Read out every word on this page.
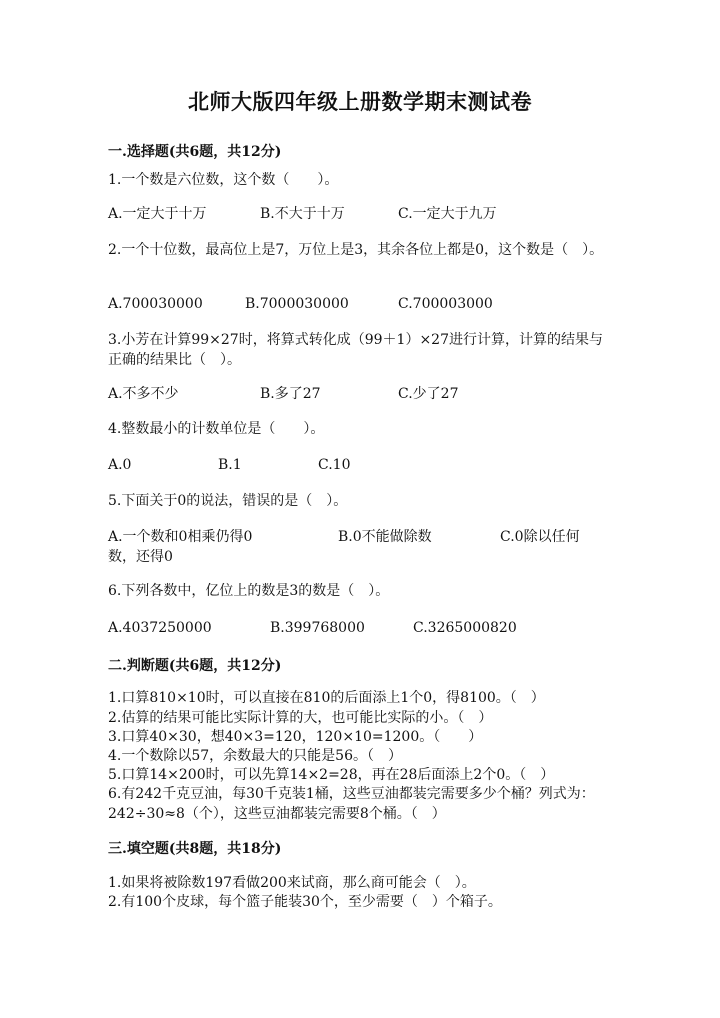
北师大版四年级上册数学期末测试卷
一.选择题(共6题，共12分)
1.一个数是六位数，这个数（　　）。
A.一定大于十万	B.不大于十万	C.一定大于九万
2.一个十位数，最高位上是7，万位上是3，其余各位上都是0，这个数是（　）。
A.700030000	B.7000030000	C.700003000
3.小芳在计算99×27时，将算式转化成（99＋1）×27进行计算，计算的结果与正确的结果比（　）。
A.不多不少	B.多了27	C.少了27
4.整数最小的计数单位是（　　）。
A.0	B.1	C.10
5.下面关于0的说法，错误的是（　）。
A.一个数和0相乘仍得0	B.0不能做除数	C.0除以任何
数，还得0
6.下列各数中，亿位上的数是3的数是（　）。
A.4037250000	B.399768000	C.3265000820
二.判断题(共6题，共12分)
1.口算810×10时，可以直接在810的后面添上1个0，得8100。（　）
2.估算的结果可能比实际计算的大，也可能比实际的小。（　）
3.口算40×30，想40×3=120，120×10=1200。（　　）
4.一个数除以57，余数最大的只能是56。（　）
5.口算14×200时，可以先算14×2=28，再在28后面添上2个0。（　）
6.有242千克豆油，每30千克装1桶，这些豆油都装完需要多少个桶？列式为：242÷30≈8（个），这些豆油都装完需要8个桶。（　）
三.填空题(共8题，共18分)
1.如果将被除数197看做200来试商，那么商可能会（　）。
2.有100个皮球，每个篮子能装30个，至少需要（　）个箱子。
